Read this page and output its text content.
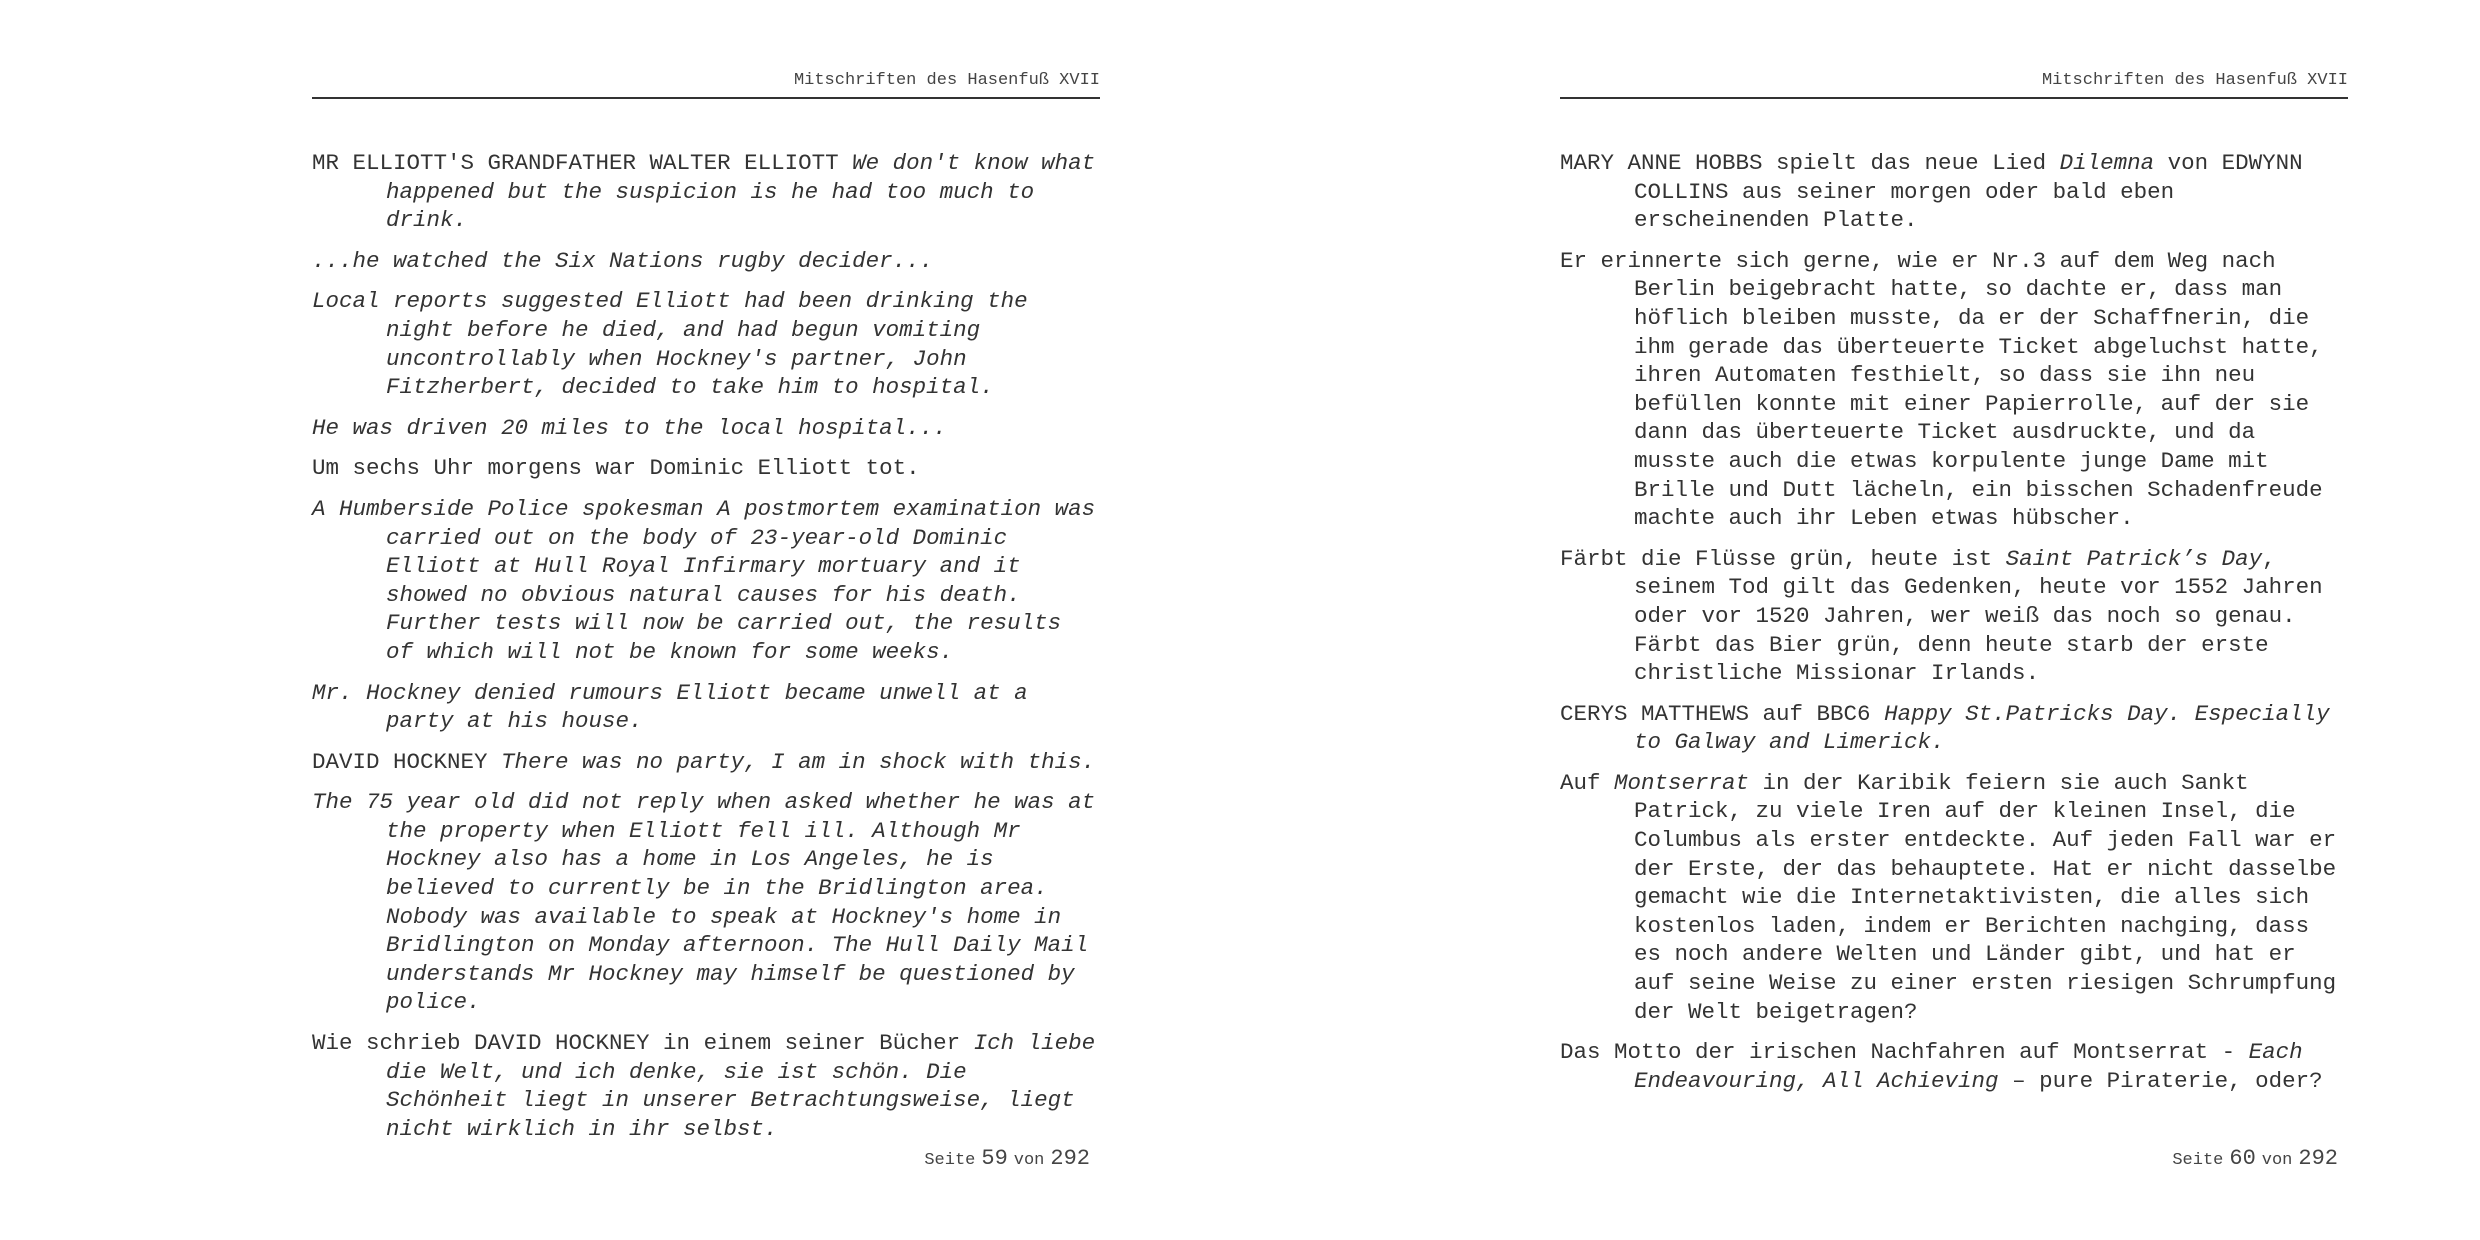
Mitschriften des Hasenfuß XVII

MR ELLIOTT'S GRANDFATHER WALTER ELLIOTT We don't know what happened but the suspicion is he had too much to drink.

...he watched the Six Nations rugby decider...

Local reports suggested Elliott had been drinking the night before he died, and had begun vomiting uncontrollably when Hockney's partner, John Fitzherbert, decided to take him to hospital.

He was driven 20 miles to the local hospital...

Um sechs Uhr morgens war Dominic Elliott tot.

A Humberside Police spokesman A postmortem examination was carried out on the body of 23-year-old Dominic Elliott at Hull Royal Infirmary mortuary and it showed no obvious natural causes for his death. Further tests will now be carried out, the results of which will not be known for some weeks.

Mr. Hockney denied rumours Elliott became unwell at a party at his house.

DAVID HOCKNEY There was no party, I am in shock with this.

The 75 year old did not reply when asked whether he was at the property when Elliott fell ill. Although Mr Hockney also has a home in Los Angeles, he is believed to currently be in the Bridlington area. Nobody was available to speak at Hockney's home in Bridlington on Monday afternoon. The Hull Daily Mail understands Mr Hockney may himself be questioned by police.

Wie schrieb DAVID HOCKNEY in einem seiner Bücher Ich liebe die Welt, und ich denke, sie ist schön. Die Schönheit liegt in unserer Betrachtungsweise, liegt nicht wirklich in ihr selbst.

Seite 59 von 292
Mitschriften des Hasenfuß XVII

MARY ANNE HOBBS spielt das neue Lied Dilemna von EDWYNN COLLINS aus seiner morgen oder bald eben erscheinenden Platte.

Er erinnerte sich gerne, wie er Nr.3 auf dem Weg nach Berlin beigebracht hatte, so dachte er, dass man höflich bleiben musste, da er der Schaffnerin, die ihm gerade das überteuerte Ticket abgeluchst hatte, ihren Automaten festhielt, so dass sie ihn neu befüllen konnte mit einer Papierrolle, auf der sie dann das überteuerte Ticket ausdruckte, und da musste auch die etwas korpulente junge Dame mit Brille und Dutt lächeln, ein bisschen Schadenfreude machte auch ihr Leben etwas hübscher.

Färbt die Flüsse grün, heute ist Saint Patrick’s Day, seinem Tod gilt das Gedenken, heute vor 1552 Jahren oder vor 1520 Jahren, wer weiß das noch so genau. Färbt das Bier grün, denn heute starb der erste christliche Missionar Irlands.

CERYS MATTHEWS auf BBC6 Happy St.Patricks Day. Especially to Galway and Limerick.

Auf Montserrat in der Karibik feiern sie auch Sankt Patrick, zu viele Iren auf der kleinen Insel, die Columbus als erster entdeckte. Auf jeden Fall war er der Erste, der das behauptete. Hat er nicht dasselbe gemacht wie die Internetaktivisten, die alles sich kostenlos laden, indem er Berichten nachging, dass es noch andere Welten und Länder gibt, und hat er auf seine Weise zu einer ersten riesigen Schrumpfung der Welt beigetragen?

Das Motto der irischen Nachfahren auf Montserrat - Each Endeavouring, All Achieving – pure Piraterie, oder?

Seite 60 von 292
